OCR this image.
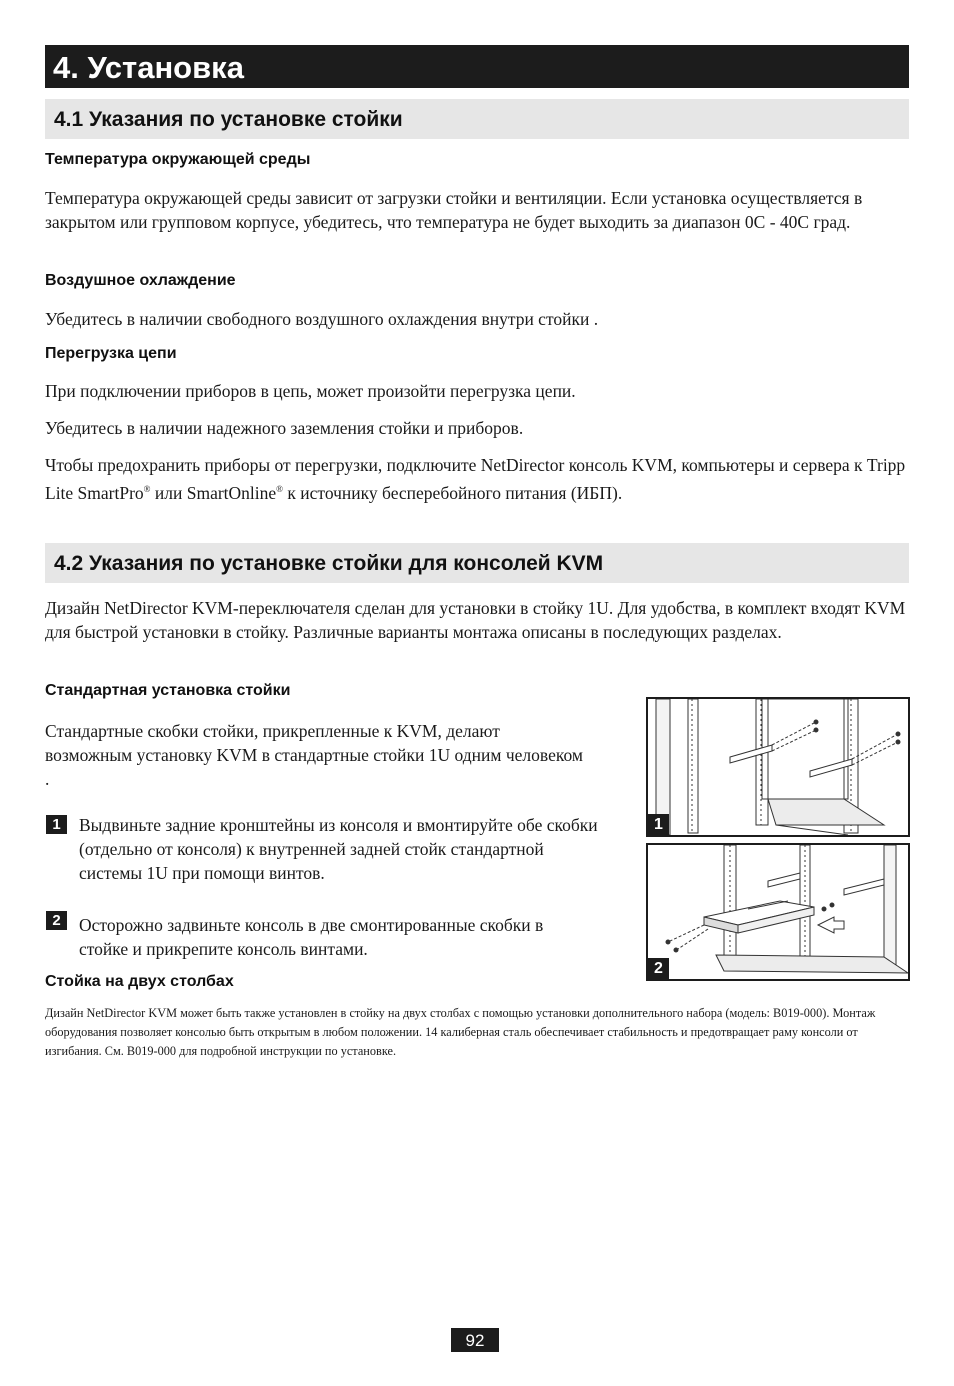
4. Установка
4.1 Указания по установке стойки
Температура окружающей среды
Температура окружающей среды зависит от загрузки стойки и вентиляции. Если установка осуществляется в закрытом или групповом корпусе, убедитесь, что температура не будет выходить за диапазон 0С - 40С град.
Воздушное охлаждение
Убедитесь в наличии свободного воздушного охлаждения внутри стойки .
Перегрузка цепи
При подключении приборов в цепь, может произойти перегрузка цепи.
Убедитесь в наличии надежного заземления стойки и приборов.
Чтобы предохранить приборы от перегрузки, подключите NetDirector консоль KVM, компьютеры и сервера к Tripp Lite SmartPro® или SmartOnline® к источнику бесперебойного питания (ИБП).
4.2 Указания по установке стойки для консолей KVM
Дизайн NetDirector KVM-переключателя сделан для установки в стойку 1U. Для удобства, в комплект входят KVM для быстрой установки в стойку. Различные варианты монтажа описаны в последующих разделах.
Стандартная установка стойки
Стандартные скобки стойки, прикрепленные к KVM, делают возможным установку KVM в стандартные стойки 1U одним человеком .
1	Выдвиньте задние кронштейны из консоля и вмонтируйте обе скобки (отдельно от консоля) к внутренней задней стойк стандартной системы 1U при помощи винтов.
2	Осторожно задвиньте консоль в две смонтированные скобки в стойке и прикрепите консоль винтами.
1
2
Стойка на двух столбах
Дизайн NetDirector KVM может быть также установлен в стойку на двух столбах с помощью установки дополнительного набора (модель: B019-000). Монтаж оборудования позволяет консолью быть открытым в любом положении. 14 калиберная сталь обеспечивает стабильность и предотвращает раму консоли от изгибания. См. B019-000 для подробной инструкции по установке.
92
